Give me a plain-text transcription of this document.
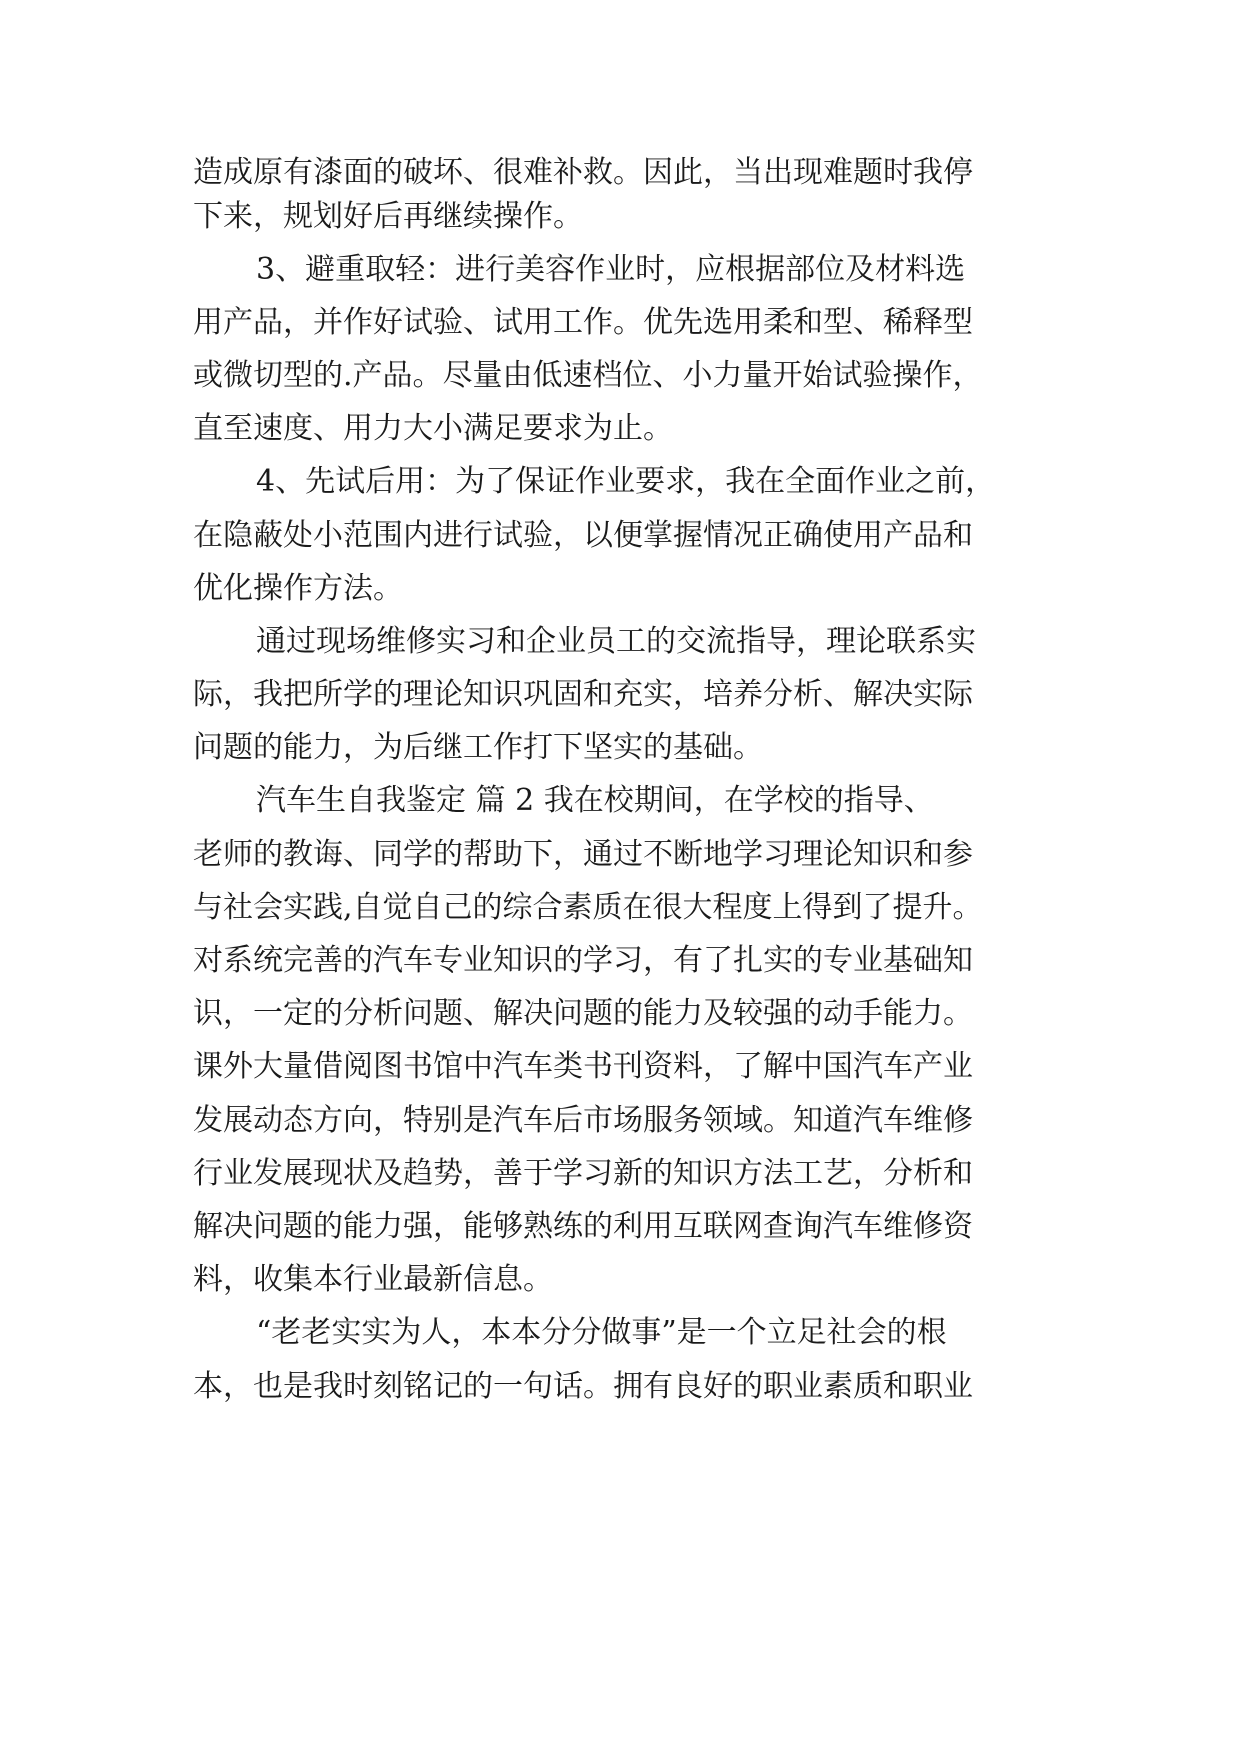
造成原有漆面的破坏、很难补救。因此，当出现难题时我停

下来，规划好后再继续操作。

3、避重取轻：进行美容作业时，应根据部位及材料选

用产品，并作好试验、试用工作。优先选用柔和型、稀释型

或微切型的.产品。尽量由低速档位、小力量开始试验操作，

直至速度、用力大小满足要求为止。

4、先试后用：为了保证作业要求，我在全面作业之前，

在隐蔽处小范围内进行试验，以便掌握情况正确使用产品和

优化操作方法。

通过现场维修实习和企业员工的交流指导，理论联系实

际，我把所学的理论知识巩固和充实，培养分析、解决实际

问题的能力，为后继工作打下坚实的基础。

汽车生自我鉴定 篇 2 我在校期间，在学校的指导、

老师的教诲、同学的帮助下，通过不断地学习理论知识和参

与社会实践,自觉自己的综合素质在很大程度上得到了提升。

对系统完善的汽车专业知识的学习，有了扎实的专业基础知

识，一定的分析问题、解决问题的能力及较强的动手能力。

课外大量借阅图书馆中汽车类书刊资料，了解中国汽车产业

发展动态方向，特别是汽车后市场服务领域。知道汽车维修

行业发展现状及趋势，善于学习新的知识方法工艺，分析和

解决问题的能力强，能够熟练的利用互联网查询汽车维修资

料，收集本行业最新信息。

“老老实实为人，本本分分做事”是一个立足社会的根

本，也是我时刻铭记的一句话。拥有良好的职业素质和职业
